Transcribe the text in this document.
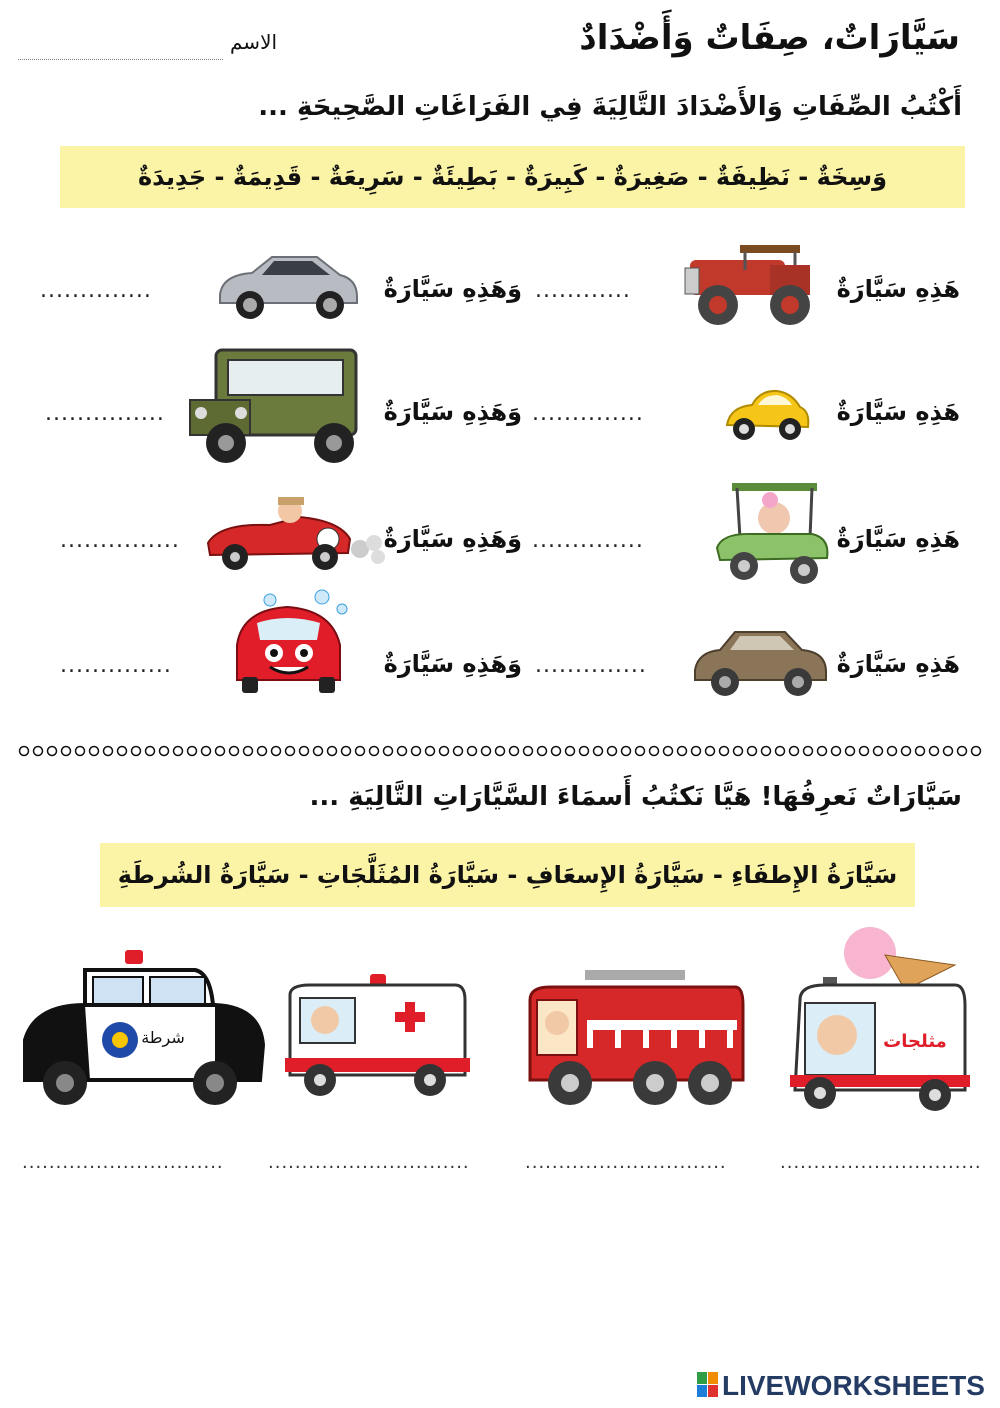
سَيَّارَاتٌ، صِفَاتٌ وَأَضْدَادٌ
الاسم
أَكْتُبُ الصِّفَاتِ وَالأَضْدَادَ التَّالِيَةَ فِي الفَرَاغَاتِ الصَّحِيحَةِ ...
وَسِخَةٌ - نَظِيفَةٌ - صَغِيرَةٌ - كَبِيرَةٌ - بَطِيئَةٌ - سَرِيعَةٌ - قَدِيمَةٌ - جَدِيدَةٌ
هَذِهِ سَيَّارَةٌ
وَهَذِهِ سَيَّارَةٌ ............
..............
هَذِهِ سَيَّارَةٌ
وَهَذِهِ سَيَّارَةٌ ..............
...............
هَذِهِ سَيَّارَةٌ
وَهَذِهِ سَيَّارَةٌ ..............
...............
هَذِهِ سَيَّارَةٌ
وَهَذِهِ سَيَّارَةٌ ..............
..............
سَيَّارَاتٌ نَعرِفُهَا! هَيَّا نَكتُبُ أَسمَاءَ السَّيَّارَاتِ التَّالِيَةِ ...
سَيَّارَةُ الإِطفَاءِ - سَيَّارَةُ الإِسعَافِ - سَيَّارَةُ المُثَلَّجَاتِ - سَيَّارَةُ الشُرطَةِ
شرطة	مثلجات
.............................. ..............................	..............................	..............................
LIVEWORKSHEETS
